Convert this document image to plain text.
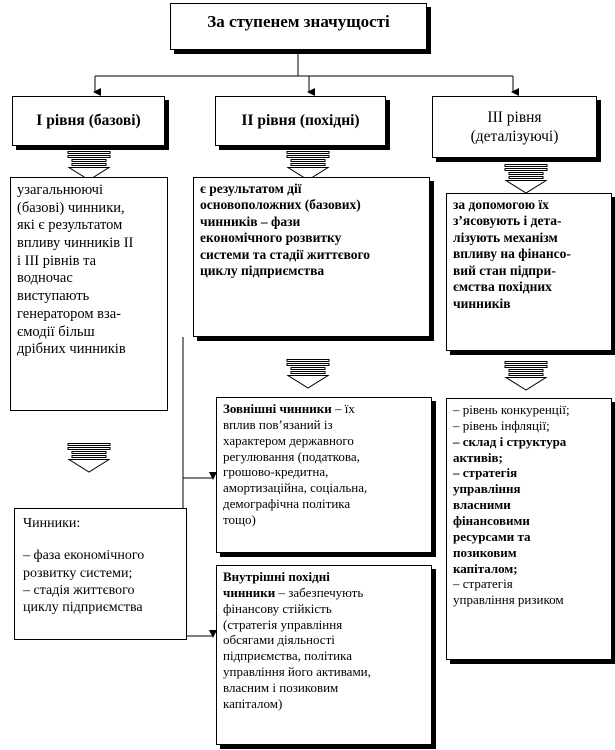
За ступенем значущості
І рівня (базові)	ІІ рівня (похідні)	ІІІ рівня
(деталізуючі)
узагальнюючі
(базові) чинники,
які є результатом
впливу чинників ІІ
і ІІІ рівнів та
водночас
виступають
генератором вза-
ємодії більш
дрібних чинників
Чинники:
– фаза економічного
розвитку системи;
– стадія життєвого
циклу підприємства
є результатом дії
основоположних (базових)
чинників – фази
економічного розвитку
системи та стадії життєвого
циклу підприємства
Зовнішні чинники – їх
вплив пов’язаний із
характером державного
регулювання (податкова,
грошово-кредитна,
амортизаційна, соціальна,
демографічна політика
тощо)
Внутрішні похідні
чинники – забезпечують
фінансову стійкість
(стратегія управління
обсягами діяльності
підприємства, політика
управління його активами,
власним і позиковим
капіталом)
за допомогою їх
з’ясовують і дета-
лізують механізм
впливу на фінансо-
вий стан підпри-
ємства похідних
чинників
– рівень конкуренції;
– рівень інфляції;
– склад і структура
активів;
– стратегія
управління
власними
фінансовими
ресурсами та
позиковим
капіталом;
– стратегія
управління ризиком
